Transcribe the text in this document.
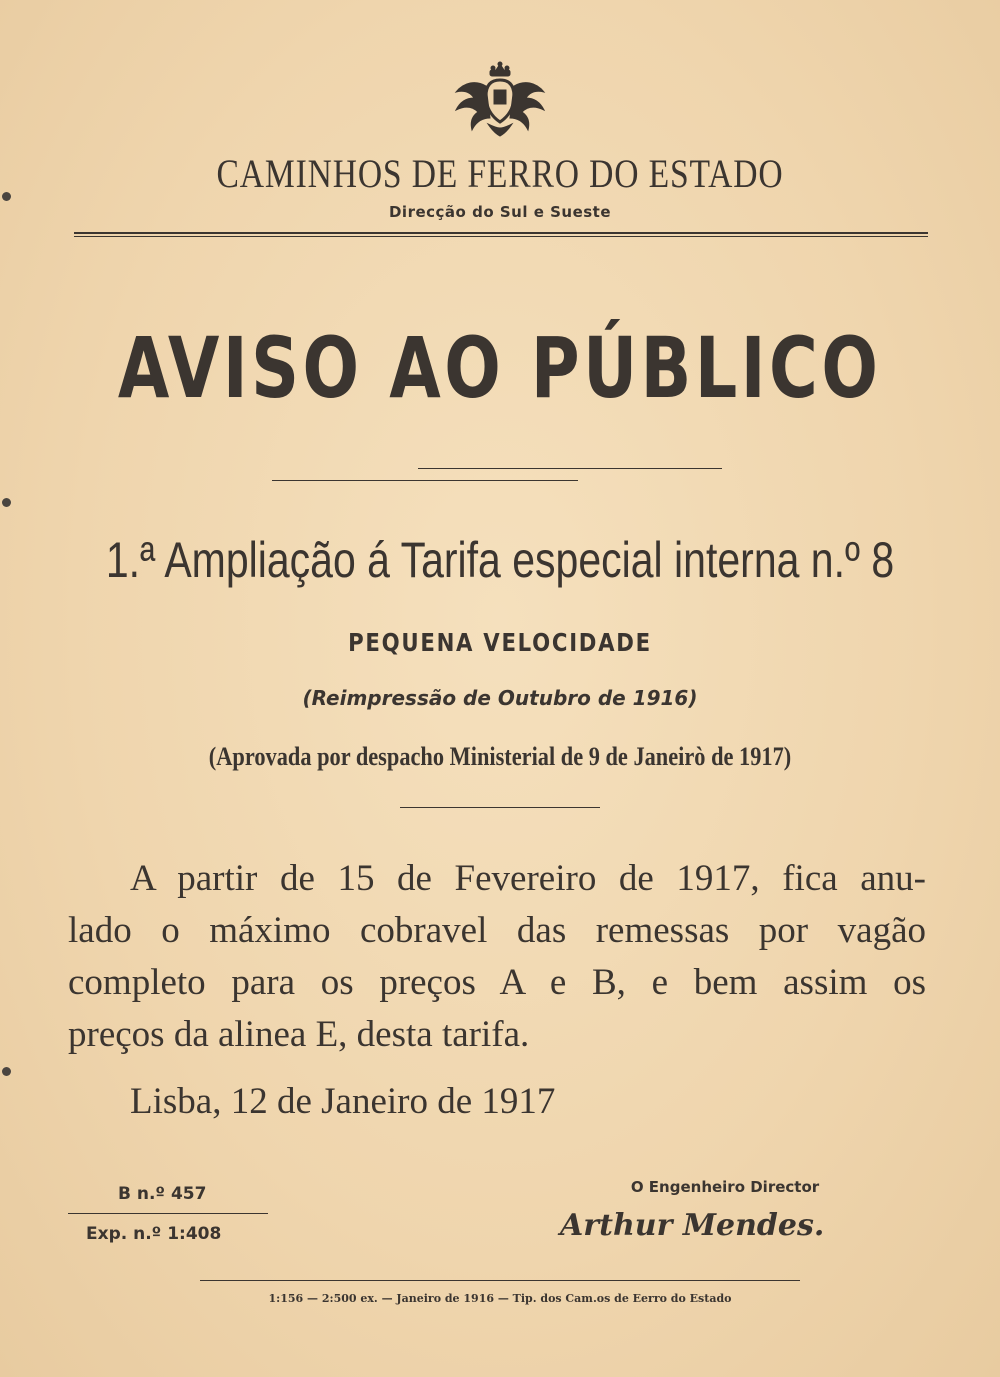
CAMINHOS DE FERRO DO ESTADO
Direcção do Sul e Sueste
AVISO AO PÚBLICO
1.ª Ampliação á Tarifa especial interna n.º 8
PEQUENA VELOCIDADE
(Reimpressão de Outubro de 1916)
(Aprovada por despacho Ministerial de 9 de Janeirò de 1917)
A partir de 15 de Fevereiro de 1917, fica anu-
lado o máximo cobravel das remessas por vagão
completo para os preços A e B, e bem assim os
preços da alinea E, desta tarifa.
Lisba, 12 de Janeiro de 1917
B n.º 457
Exp. n.º 1:408
O Engenheiro Director
Arthur Mendes.
1:156 — 2:500 ex. — Janeiro de 1916 — Tip. dos Cam.os de Eerro do Estado
